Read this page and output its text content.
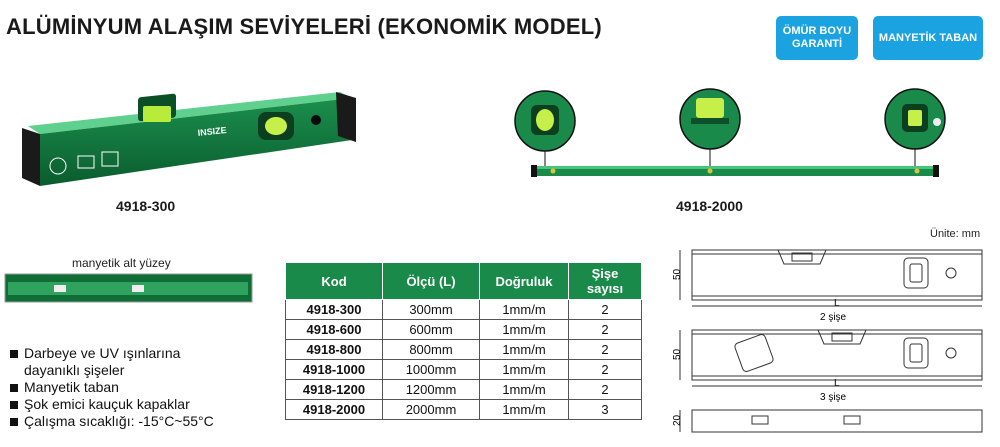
ALÜMİNYUM ALAŞIM SEVİYELERİ (EKONOMİK MODEL)	ÖMÜR BOYU
GARANTİ
MANYETİK TABAN
INSIZE
4918-300	4918-2000
manyetik alt yüzey
Kod	Ölçü (L)	Doğruluk	Şişe
sayısı
4918-300	300mm	1mm/m	2
4918-600	600mm	1mm/m	2
4918-800	800mm	1mm/m	2
4918-1000	1000mm	1mm/m	2
4918-1200	1200mm	1mm/m	2
4918-2000	2000mm	1mm/m	3
Darbeye ve UV ışınlarına
dayanıklı şişeler
Manyetik taban
Şok emici kauçuk kapaklar
Çalışma sıcaklığı: -15°C~55°C
Ünite: mm
50
50
20
L
2 şişe
L
3 şişe
